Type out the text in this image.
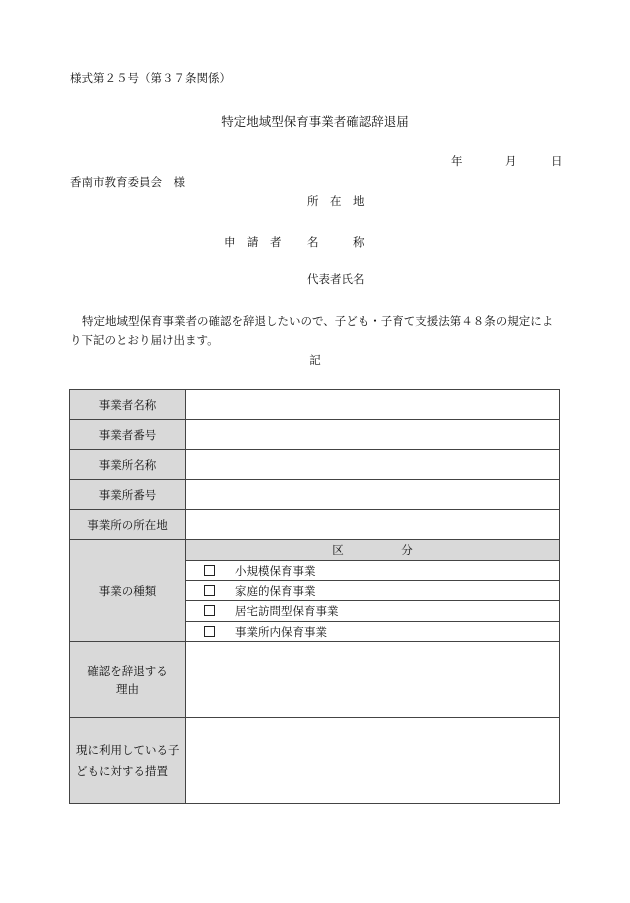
様式第２５号（第３７条関係）
特定地域型保育事業者確認辞退届
年	月	日
香南市教育委員会　様
所　在　地
申　請　者 名　　　称
代表者氏名
特定地域型保育事業者の確認を辞退したいので、子ども・子育て支援法第４８条の規定により下記のとおり届け出ます。
記
事業者名称	
事業者番号	
事業所名称	
事業所番号	
事業所の所在地	
事業の種類	区　　　　　分
	小規模保育事業
	家庭的保育事業
	居宅訪問型保育事業
	事業所内保育事業

確認を辞退する
理由	

現に利用している子
どもに対する措置	
